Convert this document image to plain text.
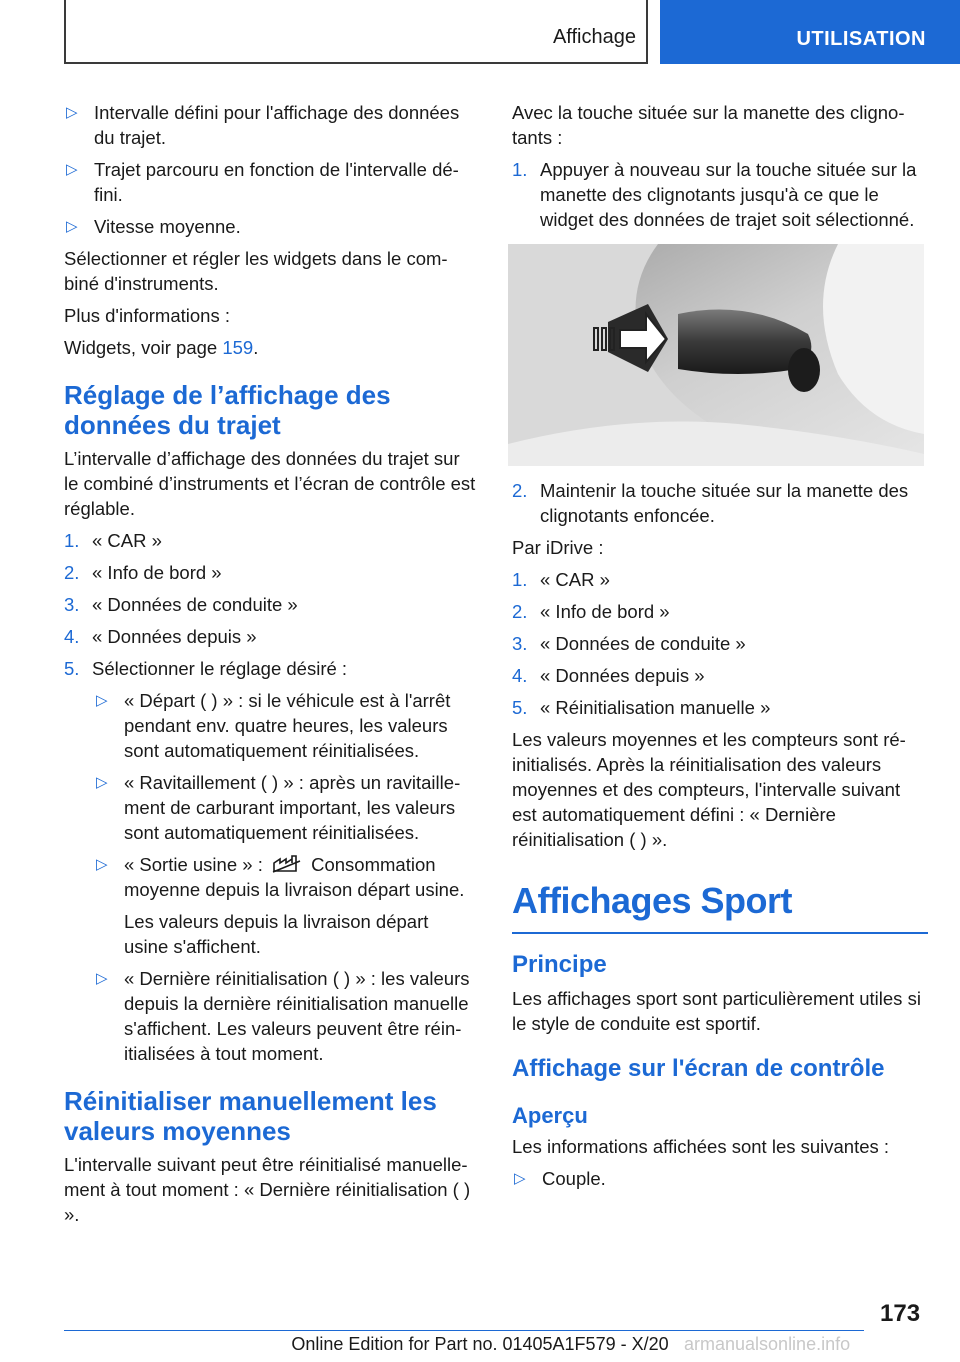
Affichage	UTILISATION
▷ Intervalle défini pour l'affichage des données du trajet.
▷ Trajet parcouru en fonction de l'intervalle défini.
▷ Vitesse moyenne.

Sélectionner et régler les widgets dans le combiné d'instruments.

Plus d'informations :

Widgets, voir page 159.

Réglage de l’affichage des données du trajet

L’intervalle d’affichage des données du trajet sur le combiné d’instruments et l’écran de contrôle est réglable.

1. « CAR »
2. « Info de bord »
3. « Données de conduite »
4. « Données depuis »
5. Sélectionner le réglage désiré :
▷ « Départ ( ) » : si le véhicule est à l'arrêt pendant env. quatre heures, les valeurs sont automatiquement réinitialisées.
▷ « Ravitaillement ( ) » : après un ravitaillement de carburant important, les valeurs sont automatiquement réinitialisées.
▷ « Sortie usine » :  Consommation moyenne depuis la livraison départ usine.

Les valeurs depuis la livraison départ usine s'affichent.

▷ « Dernière réinitialisation ( ) » : les valeurs depuis la dernière réinitialisation manuelle s'affichent. Les valeurs peuvent être réinitialisées à tout moment.
Réinitialiser manuellement les valeurs moyennes

L'intervalle suivant peut être réinitialisé manuellement à tout moment : « Dernière réinitialisation ( ) ».

Avec la touche située sur la manette des clignotants :

1. Appuyer à nouveau sur la touche située sur la manette des clignotants jusqu'à ce que le widget des données de trajet soit sélectionné.
2. Maintenir la touche située sur la manette des clignotants enfoncée.

Par iDrive :

1. « CAR »
2. « Info de bord »
3. « Données de conduite »
4. « Données depuis »
5. « Réinitialisation manuelle »

Les valeurs moyennes et les compteurs sont réinitialisés. Après la réinitialisation des valeurs moyennes et des compteurs, l'intervalle suivant est automatiquement défini : « Dernière réinitialisation ( ) ».

Affichages Sport
Principe

Les affichages sport sont particulièrement utiles si le style de conduite est sportif.

Affichage sur l'écran de contrôle
Aperçu

Les informations affichées sont les suivantes :

▷ Couple.
173
Online Edition for Part no. 01405A1F579 - X/20 armanualsonline.info
